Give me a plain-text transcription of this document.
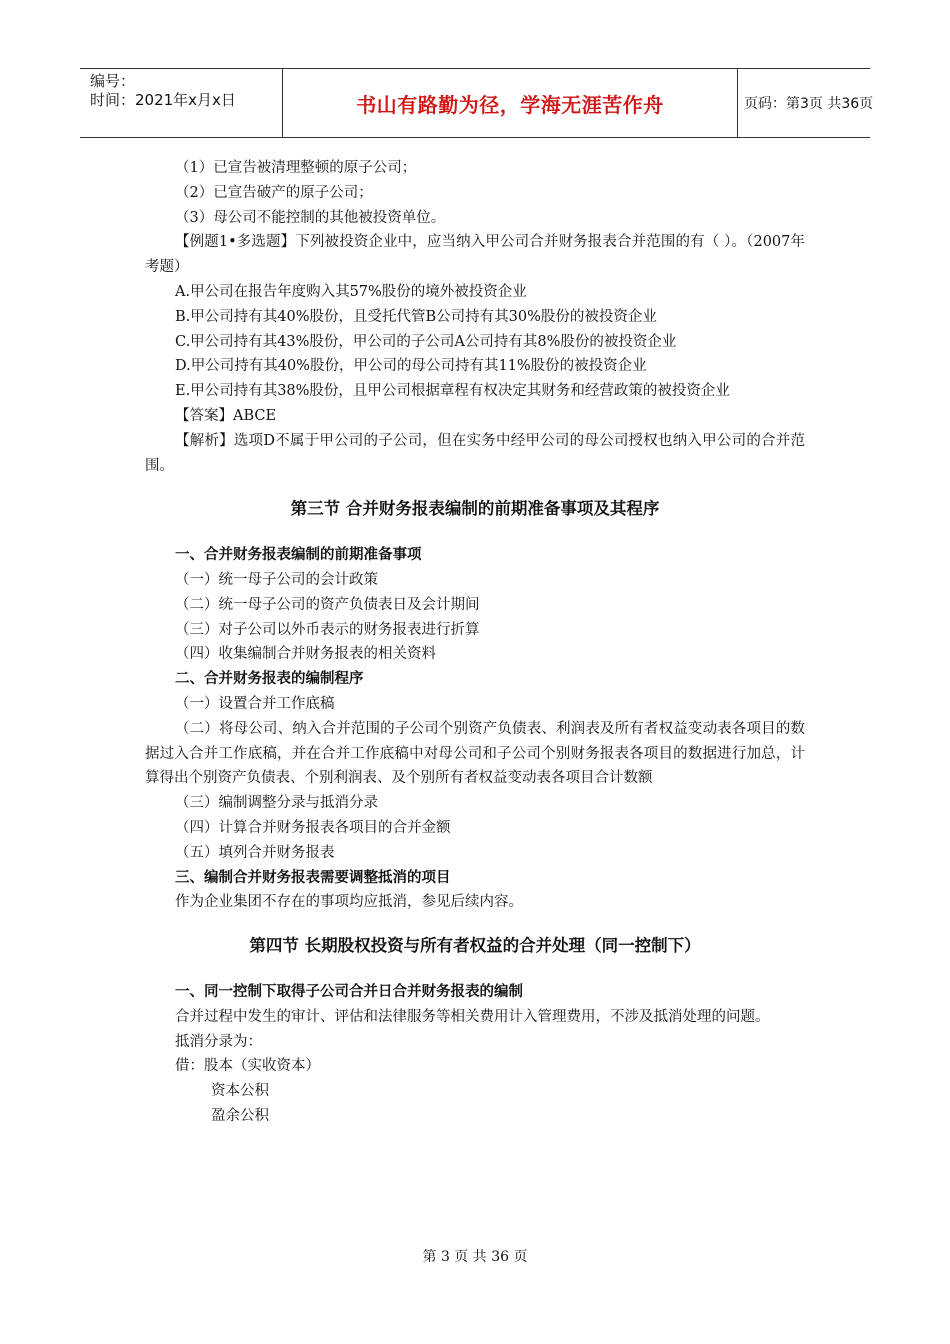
编号：
时间：2021年x月x日	书山有路勤为径，学海无涯苦作舟	页码：第3页 共36页

（1）已宣告被清理整顿的原子公司；

（2）已宣告破产的原子公司；

（3）母公司不能控制的其他被投资单位。

【例题1•多选题】下列被投资企业中，应当纳入甲公司合并财务报表合并范围的有（ ）。（2007年考题）

A.甲公司在报告年度购入其57%股份的境外被投资企业

B.甲公司持有其40%股份，且受托代管B公司持有其30%股份的被投资企业

C.甲公司持有其43%股份，甲公司的子公司A公司持有其8%股份的被投资企业

D.甲公司持有其40%股份，甲公司的母公司持有其11%股份的被投资企业

E.甲公司持有其38%股份，且甲公司根据章程有权决定其财务和经营政策的被投资企业

【答案】ABCE

【解析】选项D不属于甲公司的子公司，但在实务中经甲公司的母公司授权也纳入甲公司的合并范围。

第三节 合并财务报表编制的前期准备事项及其程序

一、合并财务报表编制的前期准备事项

（一）统一母子公司的会计政策

（二）统一母子公司的资产负债表日及会计期间

（三）对子公司以外币表示的财务报表进行折算

（四）收集编制合并财务报表的相关资料

二、合并财务报表的编制程序

（一）设置合并工作底稿

（二）将母公司、纳入合并范围的子公司个别资产负债表、利润表及所有者权益变动表各项目的数据过入合并工作底稿，并在合并工作底稿中对母公司和子公司个别财务报表各项目的数据进行加总，计算得出个别资产负债表、个别利润表、及个别所有者权益变动表各项目合计数额

（三）编制调整分录与抵消分录

（四）计算合并财务报表各项目的合并金额

（五）填列合并财务报表

三、编制合并财务报表需要调整抵消的项目

作为企业集团不存在的事项均应抵消，参见后续内容。

第四节 长期股权投资与所有者权益的合并处理（同一控制下）

一、同一控制下取得子公司合并日合并财务报表的编制

合并过程中发生的审计、评估和法律服务等相关费用计入管理费用，不涉及抵消处理的问题。

抵消分录为：

借：股本（实收资本）

资本公积

盈余公积

第 3 页 共 36 页
